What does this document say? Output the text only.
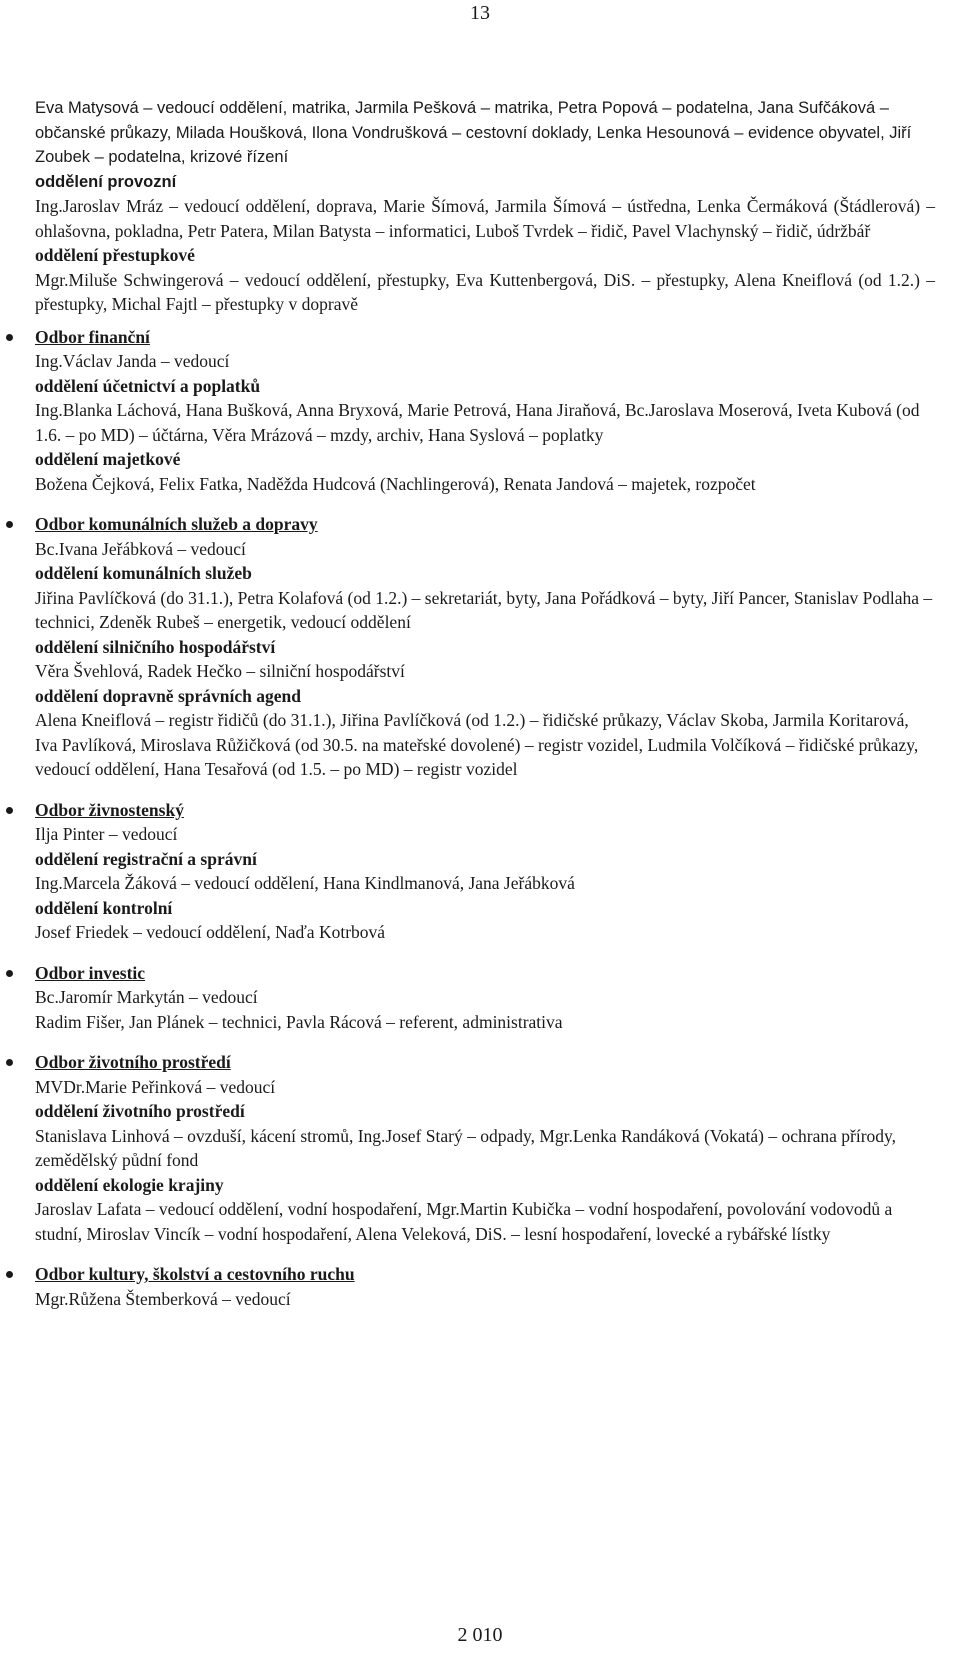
13

Eva Matysová – vedoucí oddělení, matrika, Jarmila Pešková – matrika, Petra Popová – podatelna, Jana Sufčáková – občanské průkazy, Milada Houšková, Ilona Vondrušková – cestovní doklady, Lenka Hesounová – evidence obyvatel, Jiří Zoubek – podatelna, krizové řízení

oddělení provozní

Ing.Jaroslav Mráz – vedoucí oddělení, doprava, Marie Šímová, Jarmila Šímová – ústředna, Lenka Čermáková (Štádlerová) – ohlašovna, pokladna, Petr Patera, Milan Batysta – informatici, Luboš Tvrdek – řidič, Pavel Vlachynský – řidič, údržbář

oddělení přestupkové

Mgr.Miluše Schwingerová – vedoucí oddělení, přestupky, Eva Kuttenbergová, DiS. – přestupky, Alena Kneiflová (od 1.2.) – přestupky, Michal Fajtl – přestupky v dopravě

Odbor finanční

Ing.Václav Janda – vedoucí

oddělení účetnictví a poplatků

Ing.Blanka Láchová, Hana Bušková, Anna Bryxová, Marie Petrová, Hana Jiraňová, Bc.Jaroslava Moserová, Iveta Kubová (od 1.6. – po MD) – účtárna, Věra Mrázová – mzdy, archiv, Hana Syslová – poplatky

oddělení majetkové

Božena Čejková, Felix Fatka, Naděžda Hudcová (Nachlingerová), Renata Jandová – majetek, rozpočet

Odbor komunálních služeb a dopravy

Bc.Ivana Jeřábková – vedoucí

oddělení komunálních služeb

Jiřina Pavlíčková (do 31.1.), Petra Kolafová (od 1.2.) – sekretariát, byty, Jana Pořádková – byty, Jiří Pancer, Stanislav Podlaha – technici, Zdeněk Rubeš – energetik, vedoucí oddělení

oddělení silničního hospodářství

Věra Švehlová, Radek Hečko – silniční hospodářství

oddělení dopravně správních agend

Alena Kneiflová – registr řidičů (do 31.1.), Jiřina Pavlíčková (od 1.2.) – řidičské průkazy, Václav Skoba, Jarmila Koritarová, Iva Pavlíková, Miroslava Růžičková (od 30.5. na mateřské dovolené) – registr vozidel, Ludmila Volčíková – řidičské průkazy, vedoucí oddělení, Hana Tesařová (od 1.5. – po MD) – registr vozidel

Odbor živnostenský

Ilja Pinter – vedoucí

oddělení registrační a správní

Ing.Marcela Žáková – vedoucí oddělení, Hana Kindlmanová, Jana Jeřábková

oddělení kontrolní

Josef Friedek – vedoucí oddělení, Naďa Kotrbová

Odbor investic

Bc.Jaromír Markytán – vedoucí

Radim Fišer, Jan Plánek – technici, Pavla Rácová – referent, administrativa

Odbor životního prostředí

MVDr.Marie Peřinková – vedoucí

oddělení životního prostředí

Stanislava Linhová – ovzduší, kácení stromů, Ing.Josef Starý – odpady, Mgr.Lenka Randáková (Vokatá) – ochrana přírody, zemědělský půdní fond

oddělení ekologie krajiny

Jaroslav Lafata – vedoucí oddělení, vodní hospodaření, Mgr.Martin Kubička – vodní hospodaření, povolování vodovodů a studní, Miroslav Vincík – vodní hospodaření, Alena Veleková, DiS. – lesní hospodaření, lovecké a rybářské lístky

Odbor kultury, školství a cestovního ruchu

Mgr.Růžena Štemberková – vedoucí

2 010
